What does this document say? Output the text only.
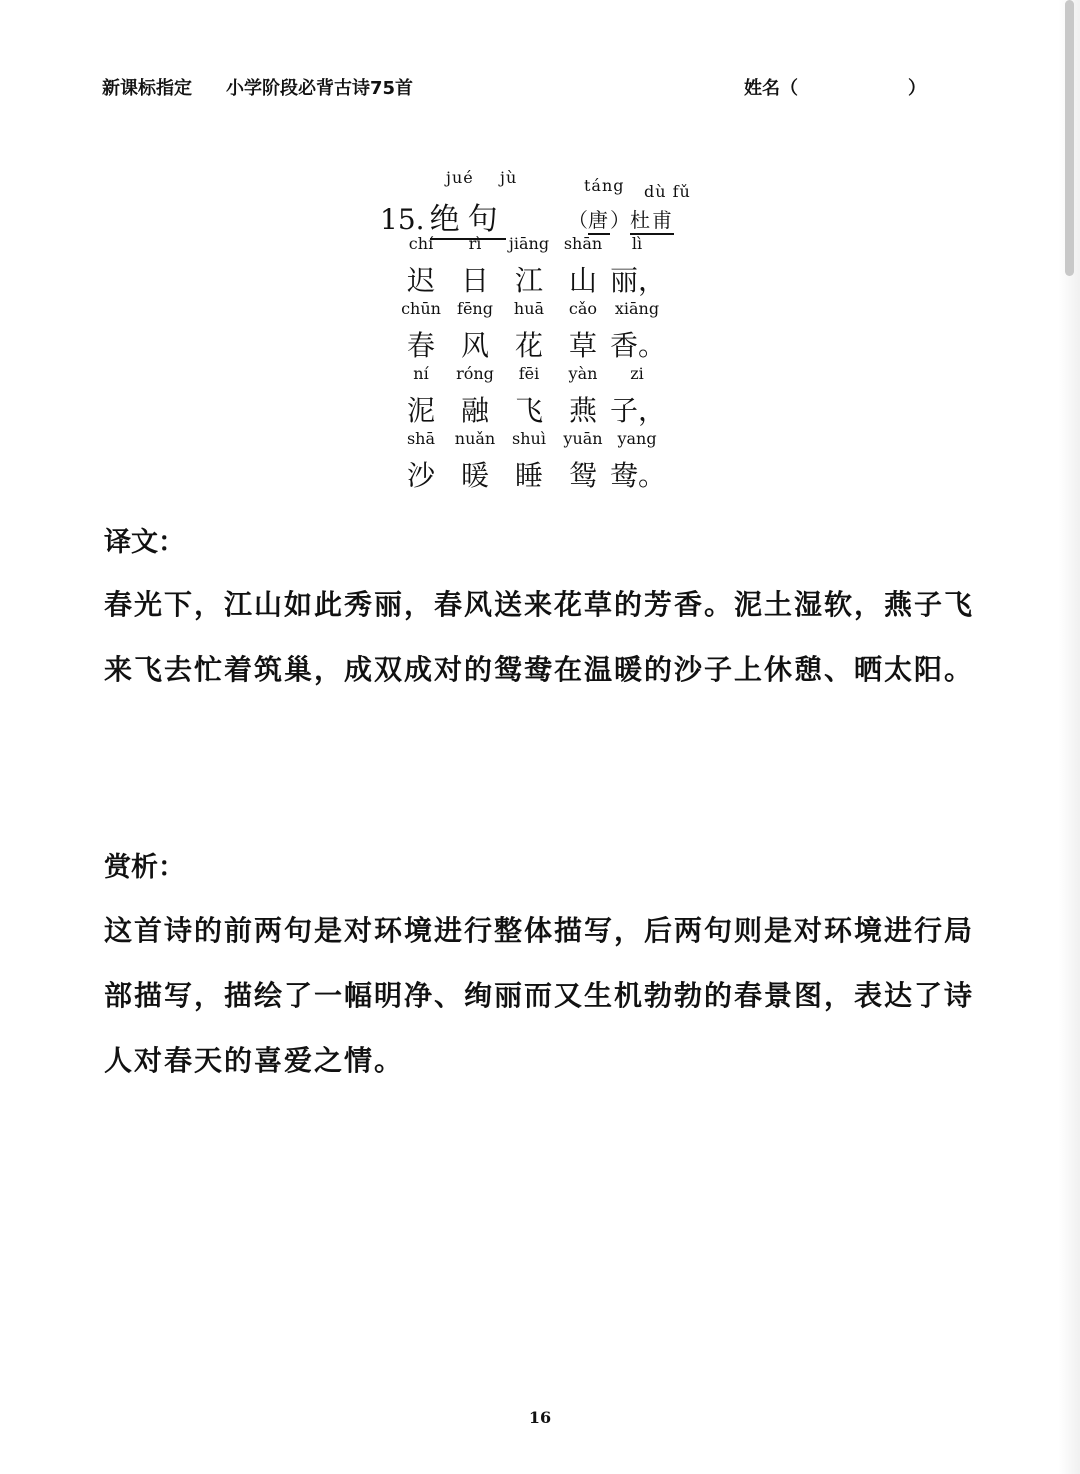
新课标指定 小学阶段必背古诗75首	姓名（	）
jué jù	táng dù fǔ
15. 绝句	（唐）杜甫
chí	rì	jiāng shān	lì
迟 日 江 山 丽，
chūn	fēng	huā	cǎo	xiāng
春 风 花 草 香。
ní	róng	fēi	yàn	zi
泥 融 飞 燕 子，
shā	nuǎn	shuì	yuān yang
沙 暖 睡 鸳 鸯。
译文：
春光下，江山如此秀丽，春风送来花草的芳香。泥土湿软，燕子飞来飞去忙着筑巢，成双成对的鸳鸯在温暖的沙子上休憩、晒太阳。
赏析：
这首诗的前两句是对环境进行整体描写，后两句则是对环境进行局部描写，描绘了一幅明净、绚丽而又生机勃勃的春景图，表达了诗人对春天的喜爱之情。
16
